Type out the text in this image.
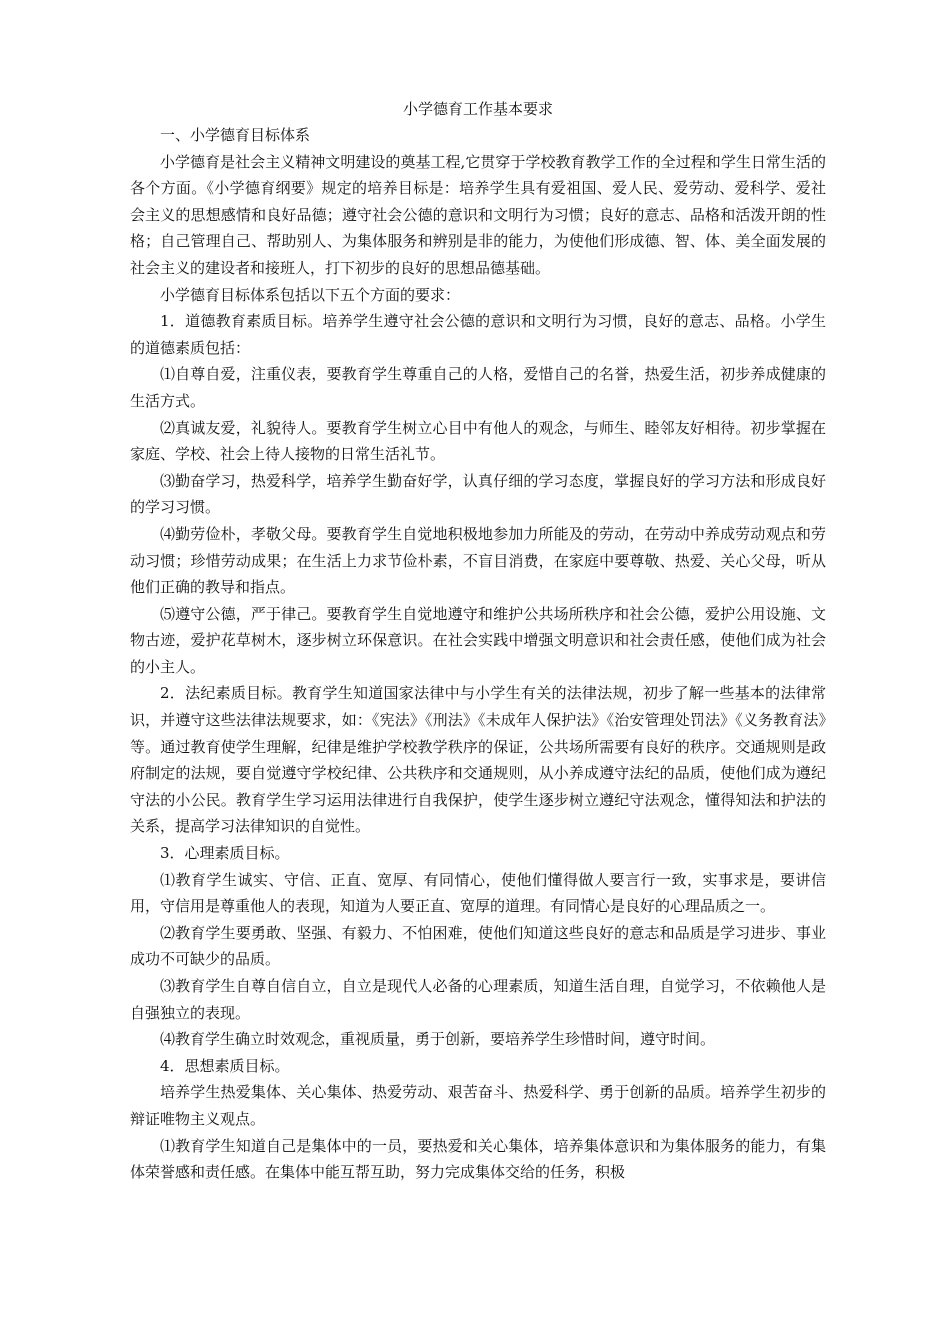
小学德育工作基本要求

一、小学德育目标体系

小学德育是社会主义精神文明建设的奠基工程,它贯穿于学校教育教学工作的全过程和学生日常生活的各个方面。《小学德育纲要》规定的培养目标是：培养学生具有爱祖国、爱人民、爱劳动、爱科学、爱社会主义的思想感情和良好品德；遵守社会公德的意识和文明行为习惯；良好的意志、品格和活泼开朗的性格；自己管理自己、帮助别人、为集体服务和辨别是非的能力，为使他们形成德、智、体、美全面发展的社会主义的建设者和接班人，打下初步的良好的思想品德基础。

小学德育目标体系包括以下五个方面的要求：

1．道德教育素质目标。培养学生遵守社会公德的意识和文明行为习惯，良好的意志、品格。小学生的道德素质包括：

⑴自尊自爱，注重仪表，要教育学生尊重自己的人格，爱惜自己的名誉，热爱生活，初步养成健康的生活方式。

⑵真诚友爱，礼貌待人。要教育学生树立心目中有他人的观念，与师生、睦邻友好相待。初步掌握在家庭、学校、社会上待人接物的日常生活礼节。

⑶勤奋学习，热爱科学，培养学生勤奋好学，认真仔细的学习态度，掌握良好的学习方法和形成良好的学习习惯。

⑷勤劳俭朴，孝敬父母。要教育学生自觉地积极地参加力所能及的劳动，在劳动中养成劳动观点和劳动习惯；珍惜劳动成果；在生活上力求节俭朴素，不盲目消费，在家庭中要尊敬、热爱、关心父母，听从他们正确的教导和指点。

⑸遵守公德，严于律己。要教育学生自觉地遵守和维护公共场所秩序和社会公德，爱护公用设施、文物古迹，爱护花草树木，逐步树立环保意识。在社会实践中增强文明意识和社会责任感，使他们成为社会的小主人。

2．法纪素质目标。教育学生知道国家法律中与小学生有关的法律法规，初步了解一些基本的法律常识，并遵守这些法律法规要求，如：《宪法》《刑法》《未成年人保护法》《治安管理处罚法》《义务教育法》等。通过教育使学生理解，纪律是维护学校教学秩序的保证，公共场所需要有良好的秩序。交通规则是政府制定的法规，要自觉遵守学校纪律、公共秩序和交通规则，从小养成遵守法纪的品质，使他们成为遵纪守法的小公民。教育学生学习运用法律进行自我保护，使学生逐步树立遵纪守法观念，懂得知法和护法的关系，提高学习法律知识的自觉性。

3．心理素质目标。

⑴教育学生诚实、守信、正直、宽厚、有同情心，使他们懂得做人要言行一致，实事求是，要讲信用，守信用是尊重他人的表现，知道为人要正直、宽厚的道理。有同情心是良好的心理品质之一。

⑵教育学生要勇敢、坚强、有毅力、不怕困难，使他们知道这些良好的意志和品质是学习进步、事业成功不可缺少的品质。

⑶教育学生自尊自信自立，自立是现代人必备的心理素质，知道生活自理，自觉学习，不依赖他人是自强独立的表现。

⑷教育学生确立时效观念，重视质量，勇于创新，要培养学生珍惜时间，遵守时间。

4．思想素质目标。

培养学生热爱集体、关心集体、热爱劳动、艰苦奋斗、热爱科学、勇于创新的品质。培养学生初步的辩证唯物主义观点。

⑴教育学生知道自己是集体中的一员，要热爱和关心集体，培养集体意识和为集体服务的能力，有集体荣誉感和责任感。在集体中能互帮互助，努力完成集体交给的任务，积极
